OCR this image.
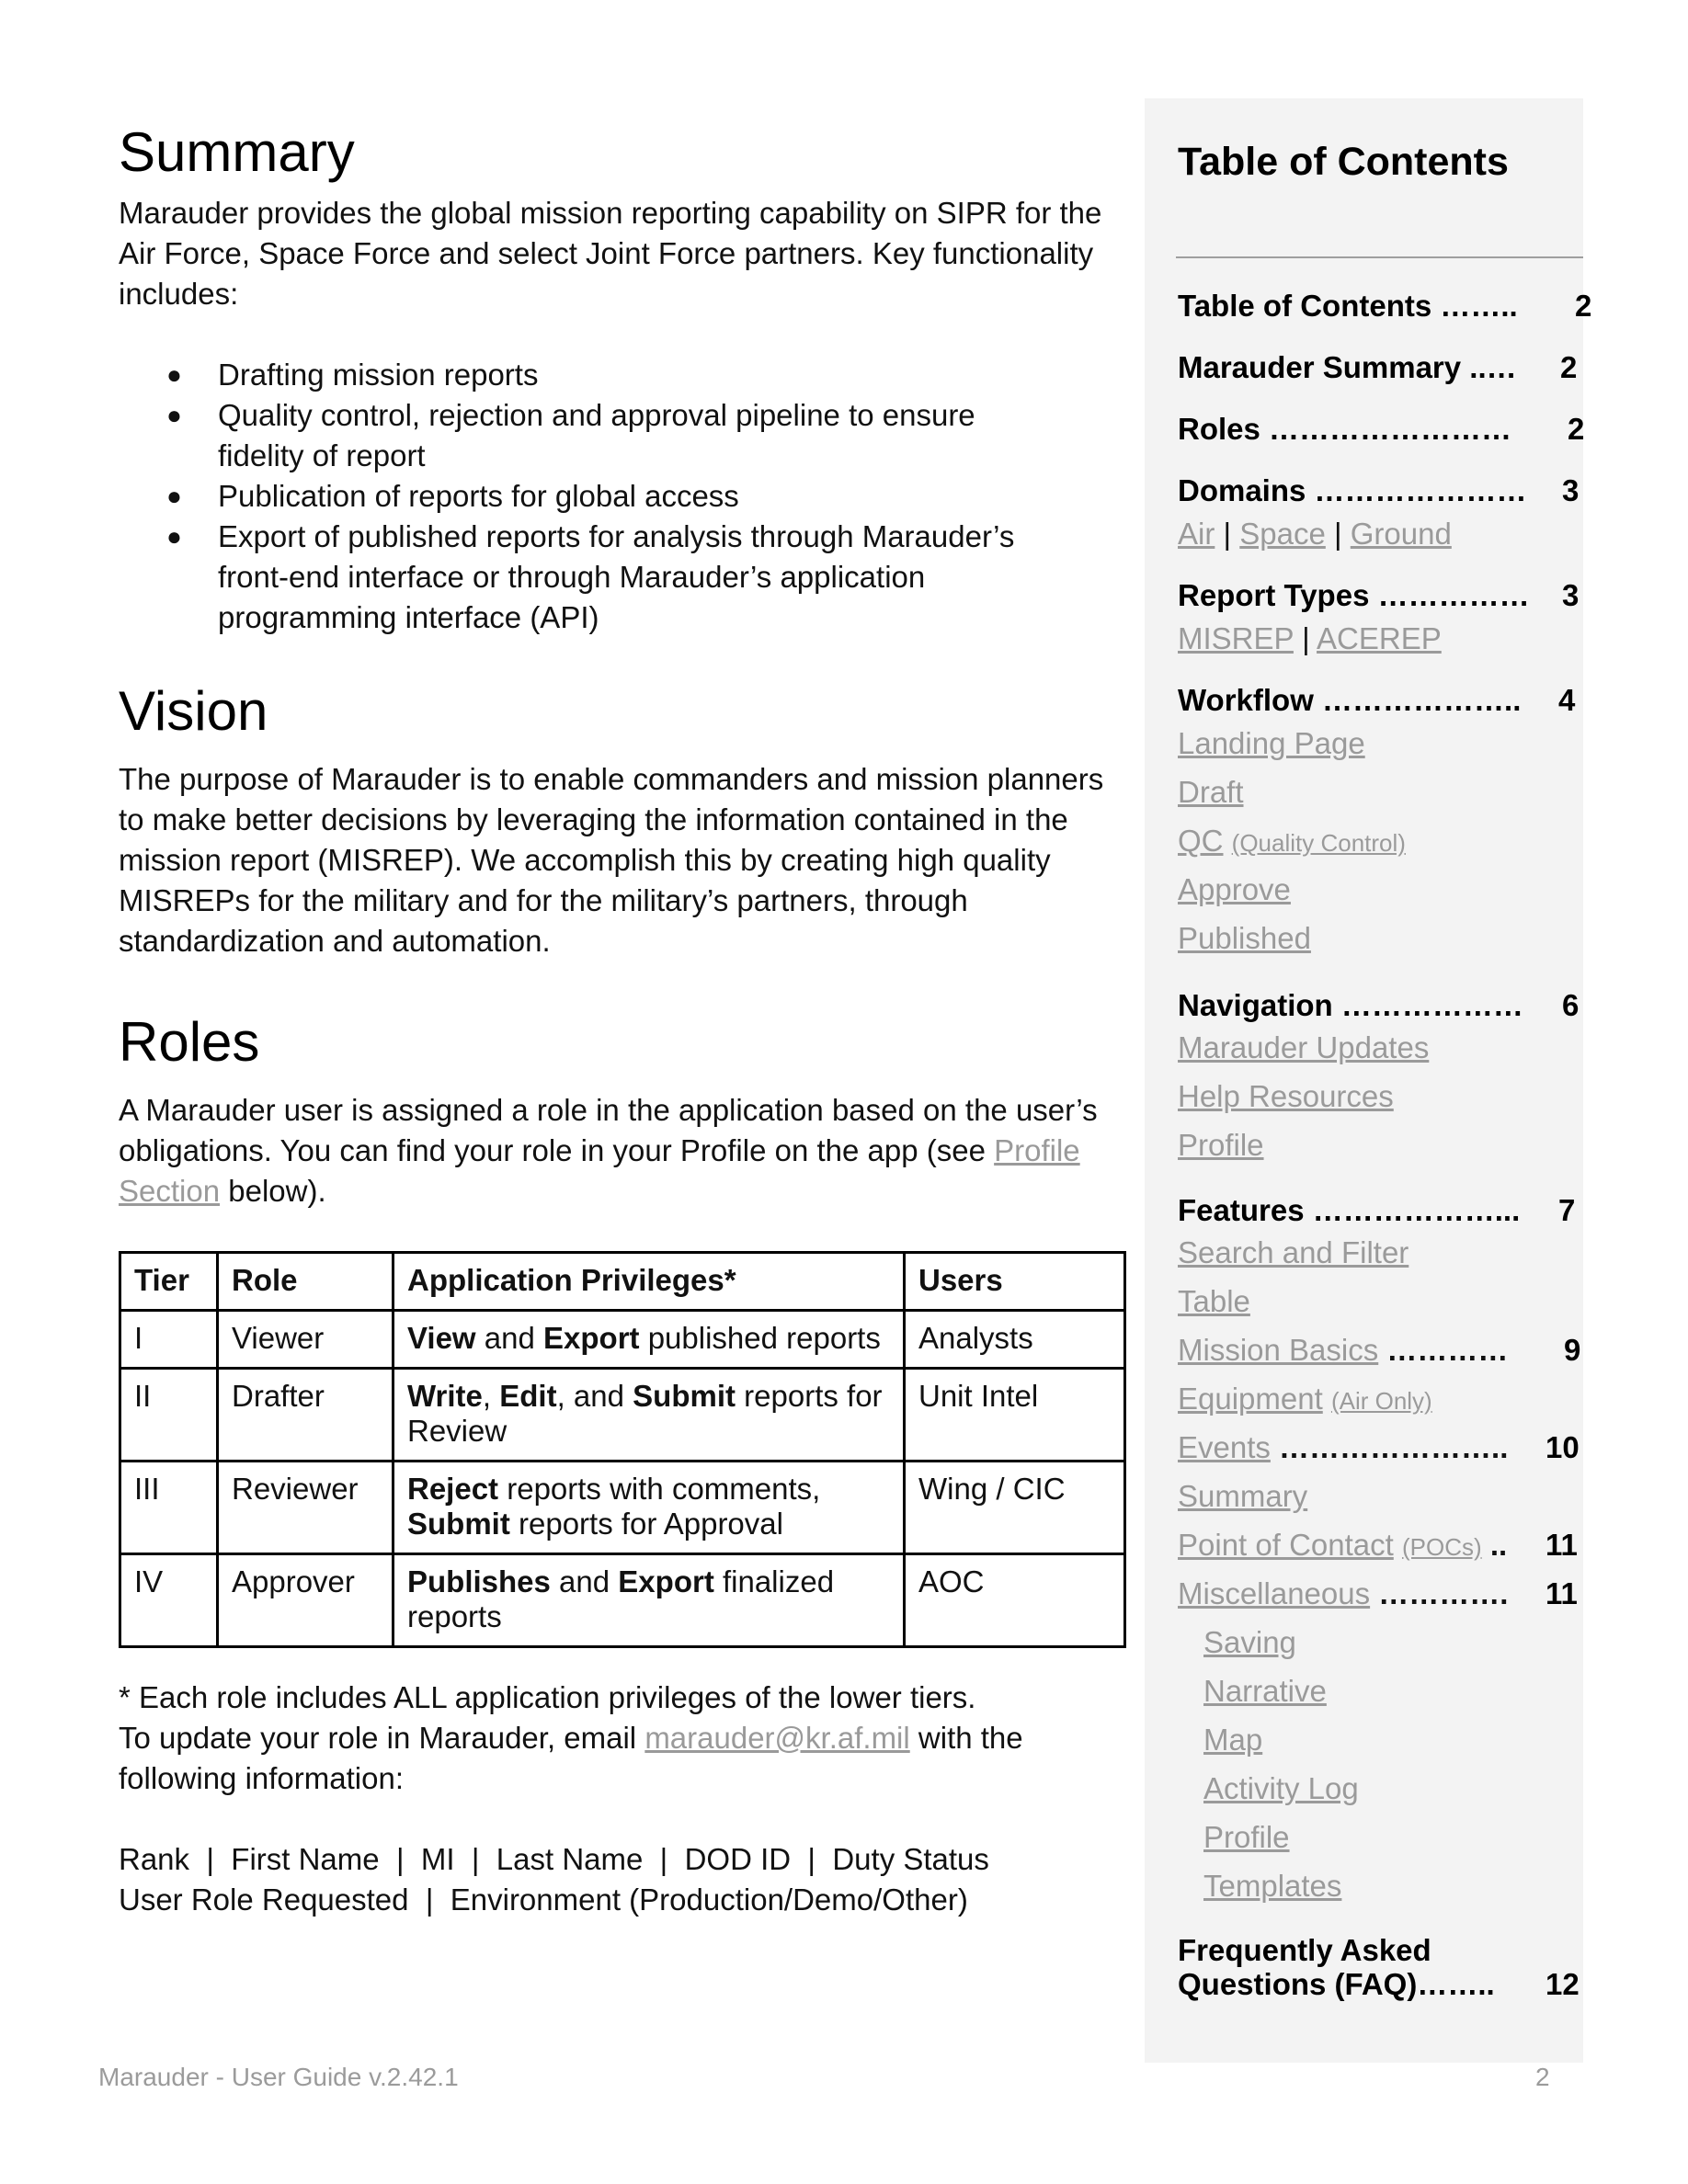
Summary

Marauder provides the global mission reporting capability on SIPR for the Air Force, Space Force and select Joint Force partners. Key functionality includes:

● Drafting mission reports
● Quality control, rejection and approval pipeline to ensure fidelity of report
● Publication of reports for global access
● Export of published reports for analysis through Marauder’s front-end interface or through Marauder’s application programming interface (API)
Vision

The purpose of Marauder is to enable commanders and mission planners to make better decisions by leveraging the information contained in the mission report (MISREP). We accomplish this by creating high quality MISREPs for the military and for the military’s partners, through standardization and automation.

Roles

A Marauder user is assigned a role in the application based on the user’s obligations. You can find your role in your Profile on the app (see Profile Section below).

Tier	Role	Application Privileges*	Users
I	Viewer	View and Export published reports	Analysts
II	Drafter	Write, Edit, and Submit reports for Review	Unit Intel
III	Reviewer	Reject reports with comments, Submit reports for Approval	Wing / CIC
IV	Approver	Publishes and Export finalized reports	AOC

* Each role includes ALL application privileges of the lower tiers.

To update your role in Marauder, email marauder@kr.af.mil with the following information:

Rank  |  First Name  |  MI  |  Last Name  |  DOD ID  |  Duty Status

User Role Requested  |  Environment (Production/Demo/Other)

Table of Contents
Table of Contents …….. 2
Marauder Summary ..… 2
Roles …………………… 2
Domains ………………… 3
Air | Space | Ground
Report Types …………… 3
MISREP | ACEREP
Workflow ……………….. 4
Landing Page
Draft
QC (Quality Control)
Approve
Published
Navigation ……………… 6
Marauder Updates
Help Resources
Profile
Features ………………... 7
Search and Filter
Table
Mission Basics ………… 9
Equipment (Air Only)
Events ………………….. 10
Summary
Point of Contact (POCs) .. 11
Miscellaneous …………. 11
Saving
Narrative
Map
Activity Log
Profile
Templates
Frequently Asked
Questions (FAQ)…….. 12
Marauder - User Guide v.2.42.1	2
